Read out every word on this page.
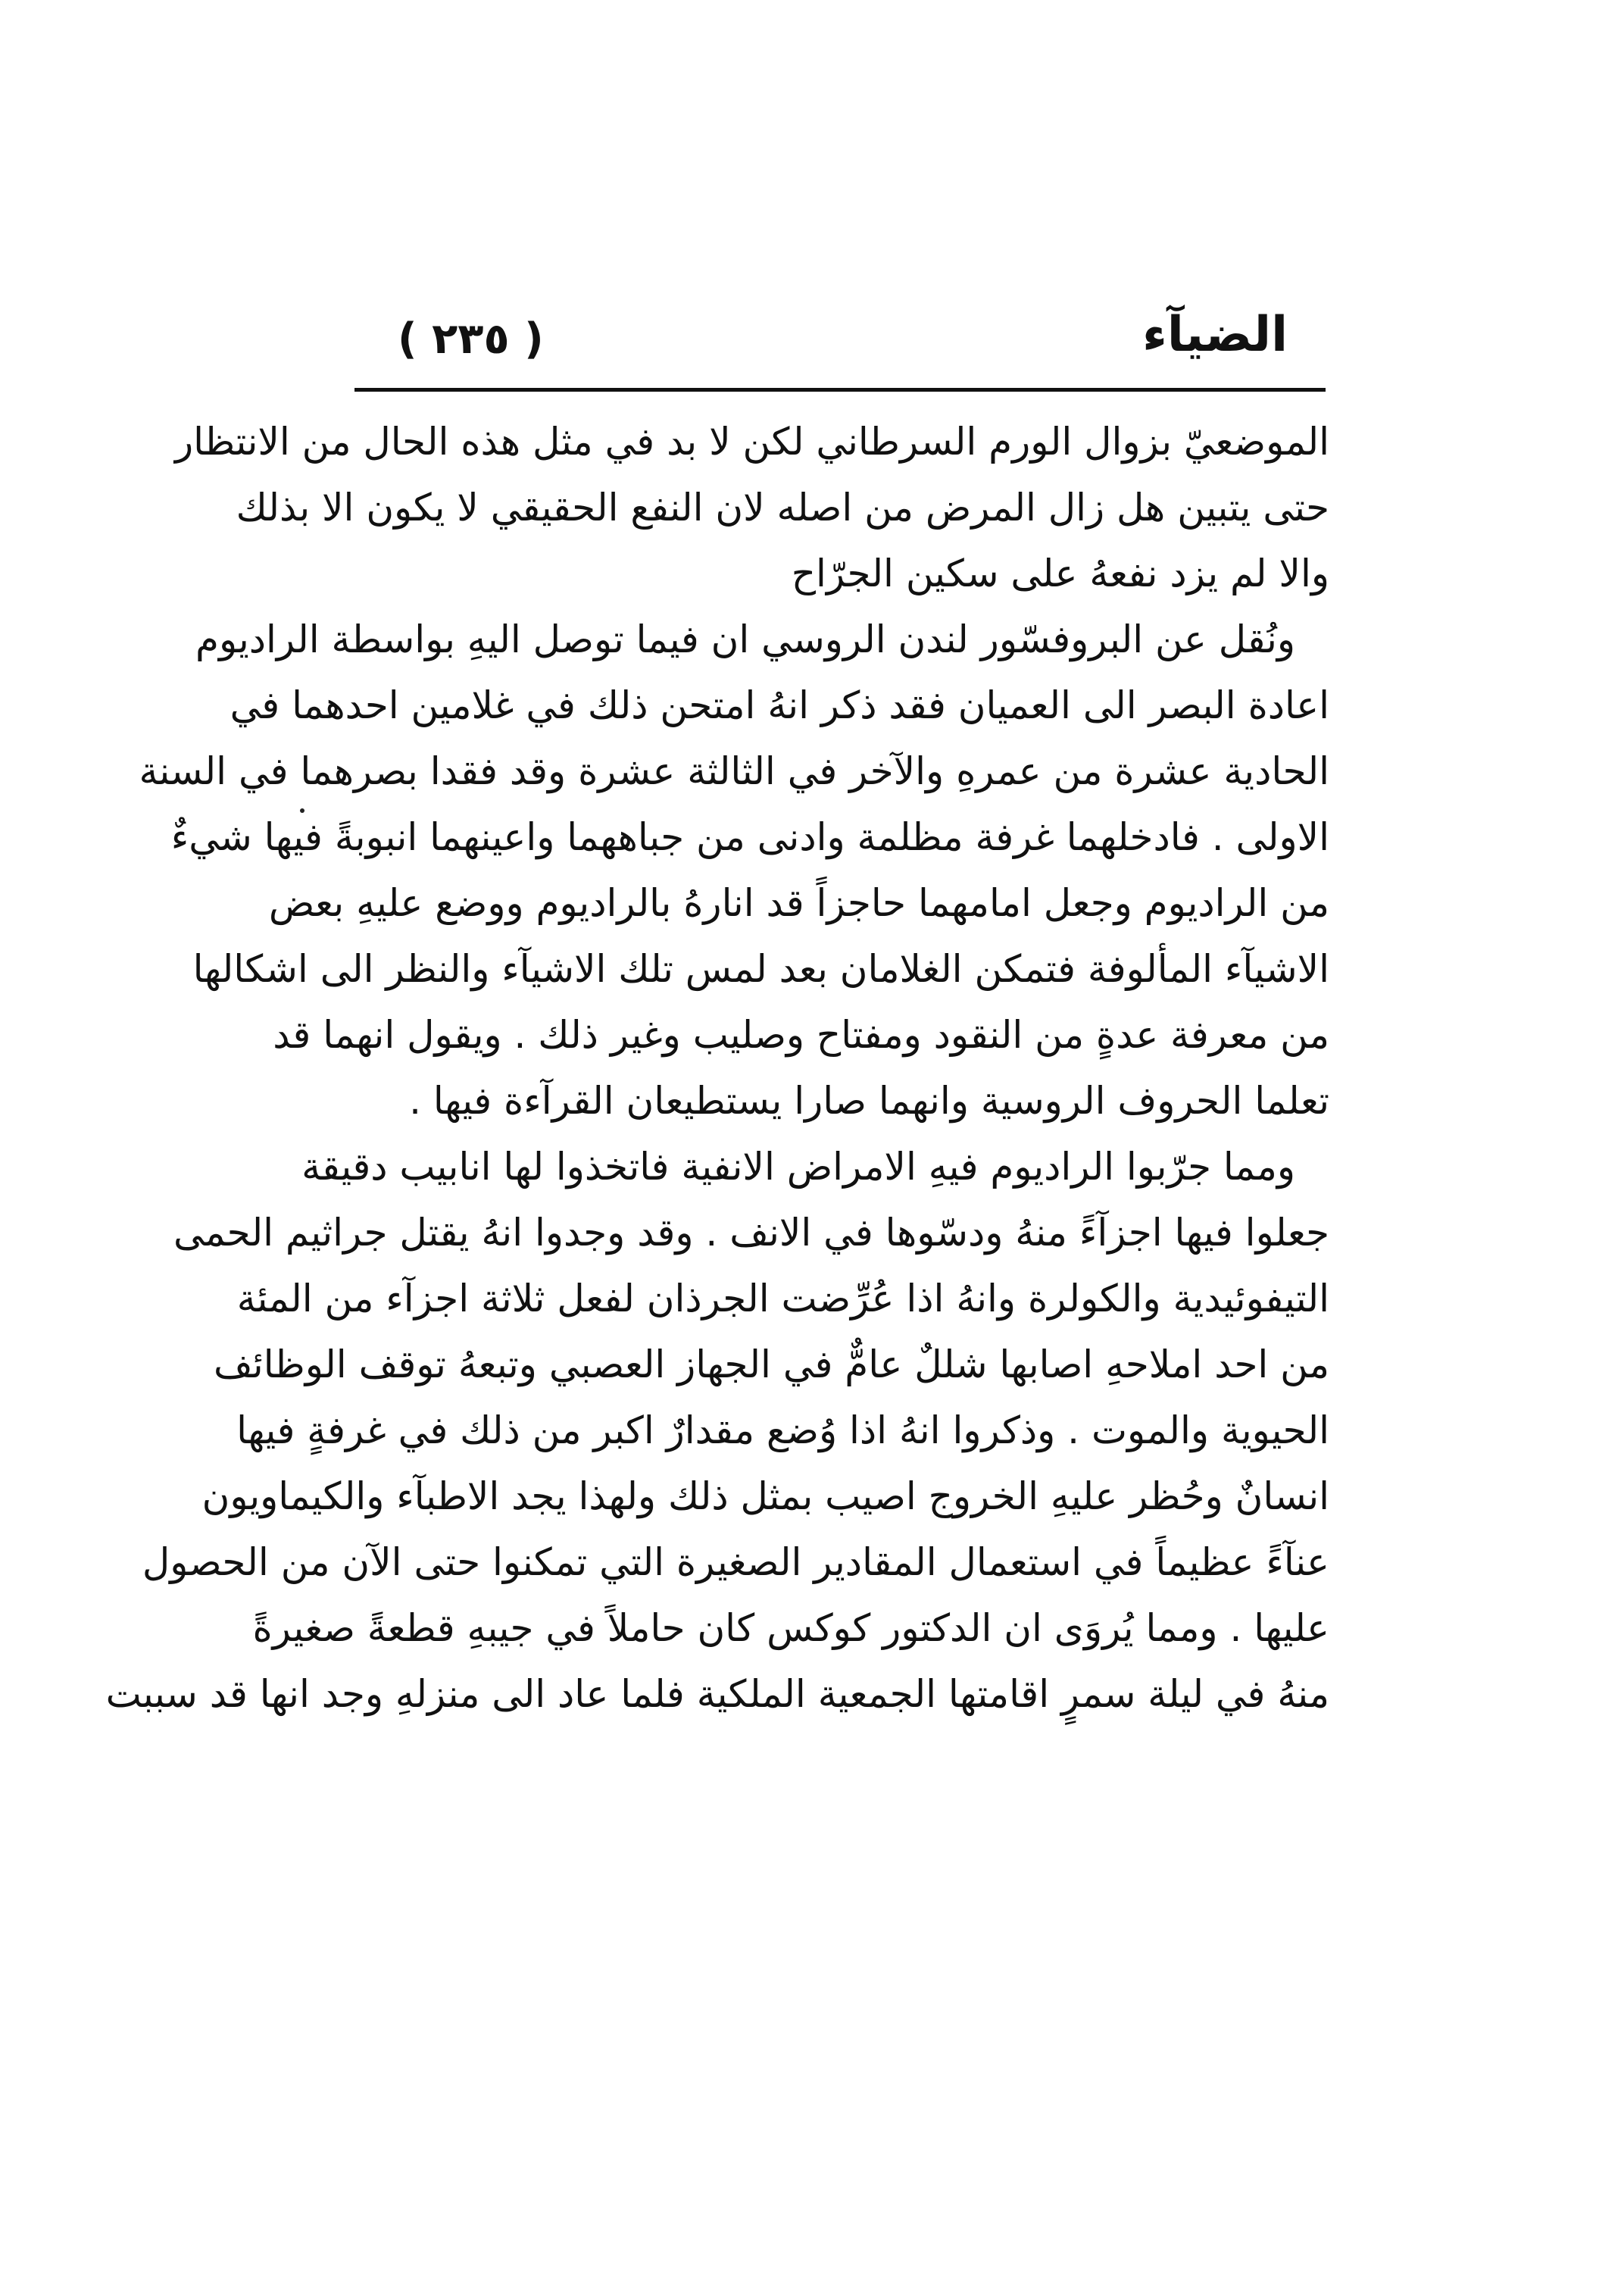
( ٢٣٥ )	الضيآء
الموضعيّ بزوال الورم السرطاني لكن لا بد في مثل هذه الحال من الانتظار
حتى يتبين هل زال المرض من اصله لان النفع الحقيقي لا يكون الا بذلك
والا لم يزد نفعهُ على سكين الجرّاح
ونُقل عن البروفسّور لندن الروسي ان فيما توصل اليهِ بواسطة الراديوم
اعادة البصر الى العميان فقد ذكر انهُ امتحن ذلك في غلامين احدهما في
الحادية عشرة من عمرهِ والآخر في الثالثة عشرة وقد فقدا بصرهما في السنة
الاولى . فادخلهما غرفة مظلمة وادنى من جباههما واعينهما انبوبةً فيها شيءٌ
من الراديوم وجعل امامهما حاجزاً قد انارهُ بالراديوم ووضع عليهِ بعض
الاشيآء المألوفة فتمكن الغلامان بعد لمس تلك الاشيآء والنظر الى اشكالها
من معرفة عدةٍ من النقود ومفتاح وصليب وغير ذلك . ويقول انهما قد
تعلما الحروف الروسية وانهما صارا يستطيعان القرآءة فيها .
ومما جرّبوا الراديوم فيهِ الامراض الانفية فاتخذوا لها انابيب دقيقة
جعلوا فيها اجزآءً منهُ ودسّوها في الانف . وقد وجدوا انهُ يقتل جراثيم الحمى
التيفوئيدية والكولرة وانهُ اذا عُرِّضت الجرذان لفعل ثلاثة اجزآء من المئة
من احد املاحهِ اصابها شللٌ عامٌّ في الجهاز العصبي وتبعهُ توقف الوظائف
الحيوية والموت . وذكروا انهُ اذا وُضع مقدارٌ اكبر من ذلك في غرفةٍ فيها
انسانٌ وحُظر عليهِ الخروج اصيب بمثل ذلك ولهذا يجد الاطبآء والكيماويون
عنآءً عظيماً في استعمال المقادير الصغيرة التي تمكنوا حتى الآن من الحصول
عليها . ومما يُروَى ان الدكتور كوكس كان حاملاً في جيبهِ قطعةً صغيرةً
منهُ في ليلة سمرٍ اقامتها الجمعية الملكية فلما عاد الى منزلهِ وجد انها قد سببت
